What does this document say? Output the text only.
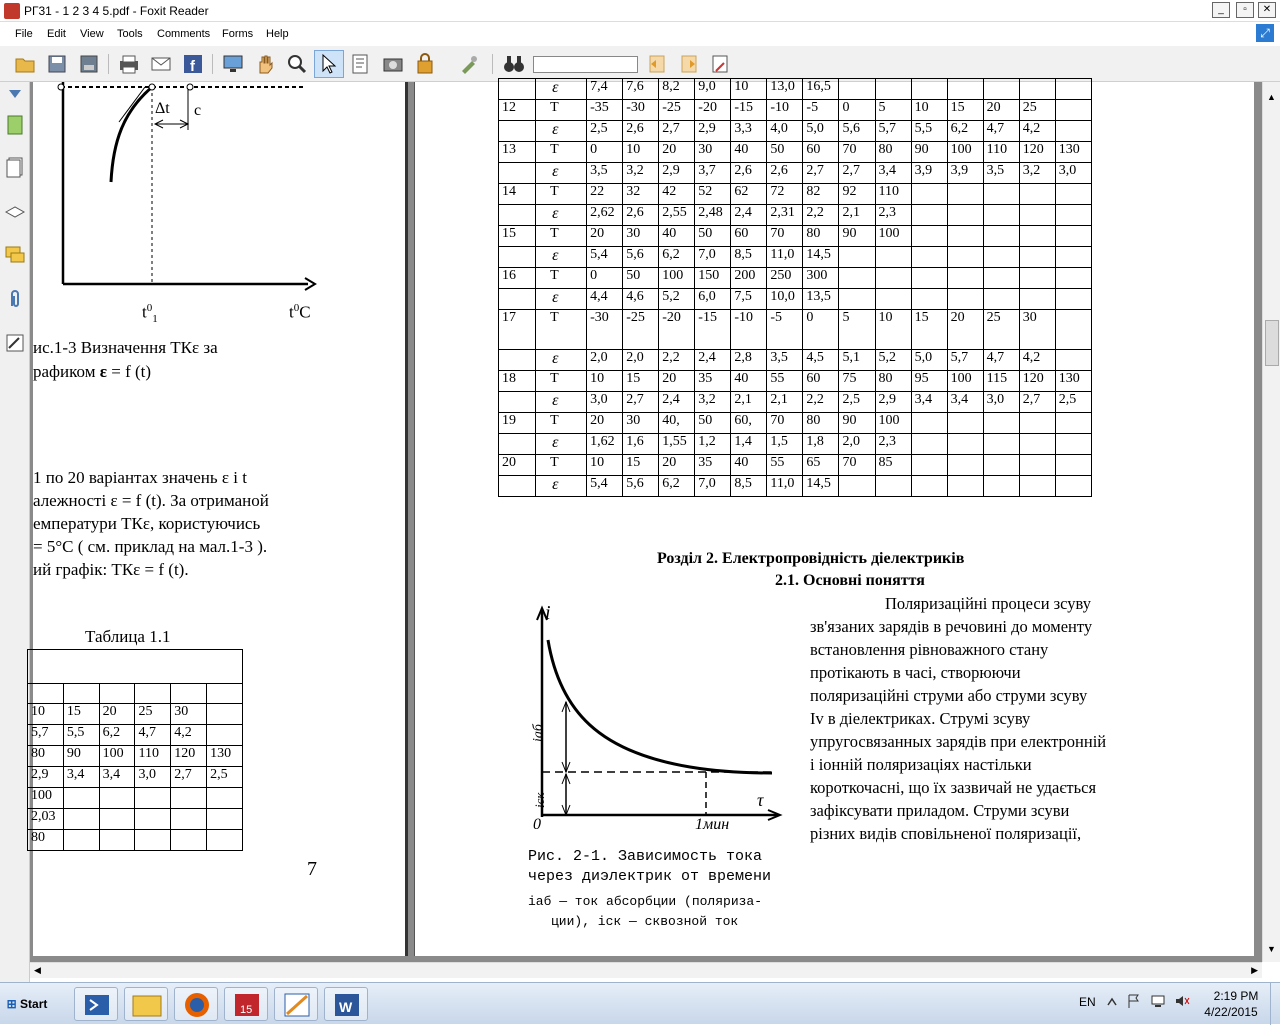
РГ31 - 1 2 3 4 5.pdf - Foxit Reader	_	▫	✕
File Edit View Tools Comments Forms Help	⤢
f
Δt c
$t^0_1$	$t^0C$
ис.1-3 Визначення ТКε за
рафиком ε = f (t)
1 по 20 варіантах значень ε і t
алежності ε = f (t). За отриманой
емператури ТКε, користуючись
= 5°С ( см. приклад на мал.1-3 ).
ий графік: ТКε = f (t).
Таблица 1.1

10	15	20	25	30	
5,7	5,5	6,2	4,7	4,2	
80	90	100	110	120	130
2,9	3,4	3,4	3,0	2,7	2,5
100					
2,03					
80					
7
	ε	7,4	7,6	8,2	9,0	10	13,0	16,5							
12	T	-35	-30	-25	-20	-15	-10	-5	0	5	10	15	20	25	
	ε	2,5	2,6	2,7	2,9	3,3	4,0	5,0	5,6	5,7	5,5	6,2	4,7	4,2	
13	T	0	10	20	30	40	50	60	70	80	90	100	110	120	130
	ε	3,5	3,2	2,9	3,7	2,6	2,6	2,7	2,7	3,4	3,9	3,9	3,5	3,2	3,0
14	T	22	32	42	52	62	72	82	92	110					
	ε	2,62	2,6	2,55	2,48	2,4	2,31	2,2	2,1	2,3					
15	T	20	30	40	50	60	70	80	90	100					
	ε	5,4	5,6	6,2	7,0	8,5	11,0	14,5							
16	T	0	50	100	150	200	250	300							
	ε	4,4	4,6	5,2	6,0	7,5	10,0	13,5							
17	T	-30	-25	-20	-15	-10	-5	0	5	10	15	20	25	30	
	ε	2,0	2,0	2,2	2,4	2,8	3,5	4,5	5,1	5,2	5,0	5,7	4,7	4,2	
18	T	10	15	20	35	40	55	60	75	80	95	100	115	120	130
	ε	3,0	2,7	2,4	3,2	2,1	2,1	2,2	2,5	2,9	3,4	3,4	3,0	2,7	2,5
19	T	20	30	40,	50	60,	70	80	90	100					
	ε	1,62	1,6	1,55	1,2	1,4	1,5	1,8	2,0	2,3					
20	T	10	15	20	35	40	55	65	70	85					
	ε	5,4	5,6	6,2	7,0	8,5	11,0	14,5							
Розділ 2. Електропровідність діелектриків
2.1. Основні поняття
Поляризаційні процеси зсуву
зв'язаних зарядів в речовині до моменту
встановлення рівноважного стану
протікають в часі, створюючи
поляризаційні струми або струми зсуву
Iv в діелектриках. Струмі зсуву
упругосвязанных зарядів при електронній
і іонній поляризаціях настільки
короткочасні, що їх зазвичай не удається
зафіксувати приладом. Струми зсуви
різних видів сповільненої поляризації,
i
τ
0	1мин
iаб
iск
Рис. 2-1. Зависимость тока
через диэлектрик от времени
iаб — ток абсорбции (поляриза-
ции), iск — сквозной ток
▲
▼
◀	▶
⊞ Start	15	W	EN	2:19 PM
4/22/2015
